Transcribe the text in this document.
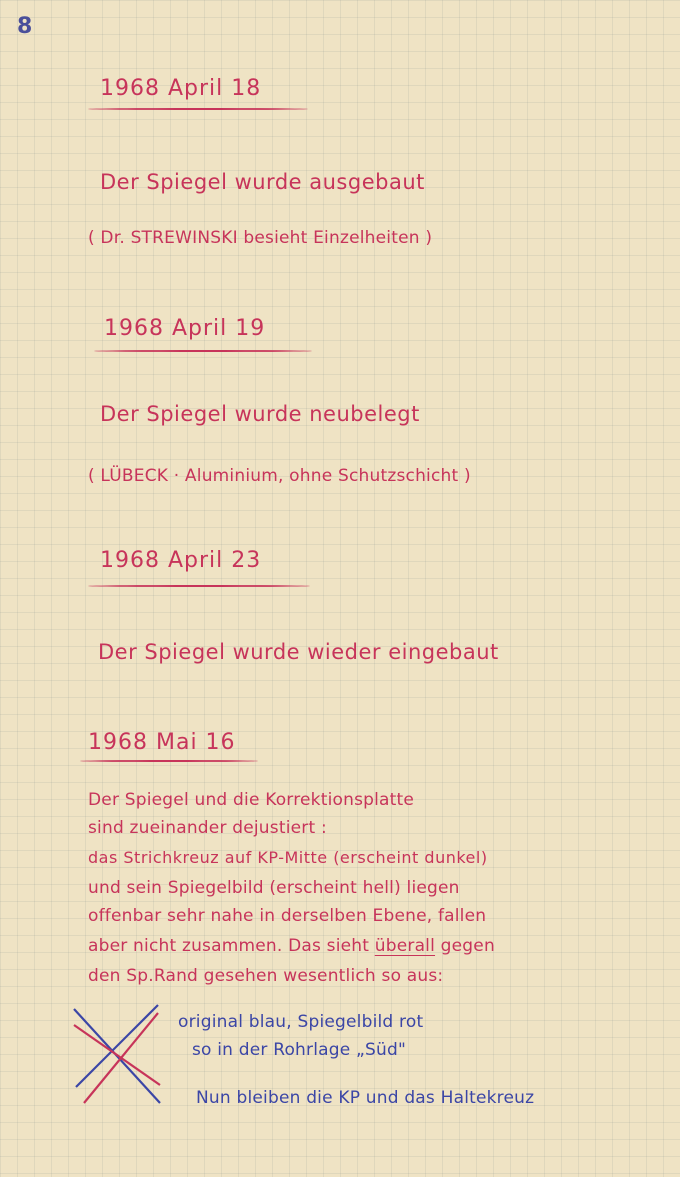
8
1968 April 18
Der Spiegel wurde ausgebaut
( Dr. STREWINSKI besieht Einzelheiten )
1968 April 19
Der Spiegel wurde neubelegt
( LÜBECK · Aluminium, ohne Schutzschicht )
1968 April 23
Der Spiegel wurde wieder eingebaut
1968 Mai 16
Der Spiegel und die Korrektionsplatte
sind zueinander dejustiert :
das Strichkreuz auf KP-Mitte (erscheint dunkel)
und sein Spiegelbild (erscheint hell) liegen
offenbar sehr nahe in derselben Ebene, fallen
aber nicht zusammen. Das sieht überall gegen
den Sp.Rand gesehen wesentlich so aus:
original blau, Spiegelbild rot
so in der Rohrlage „Süd"
Nun bleiben die KP und das Haltekreuz
